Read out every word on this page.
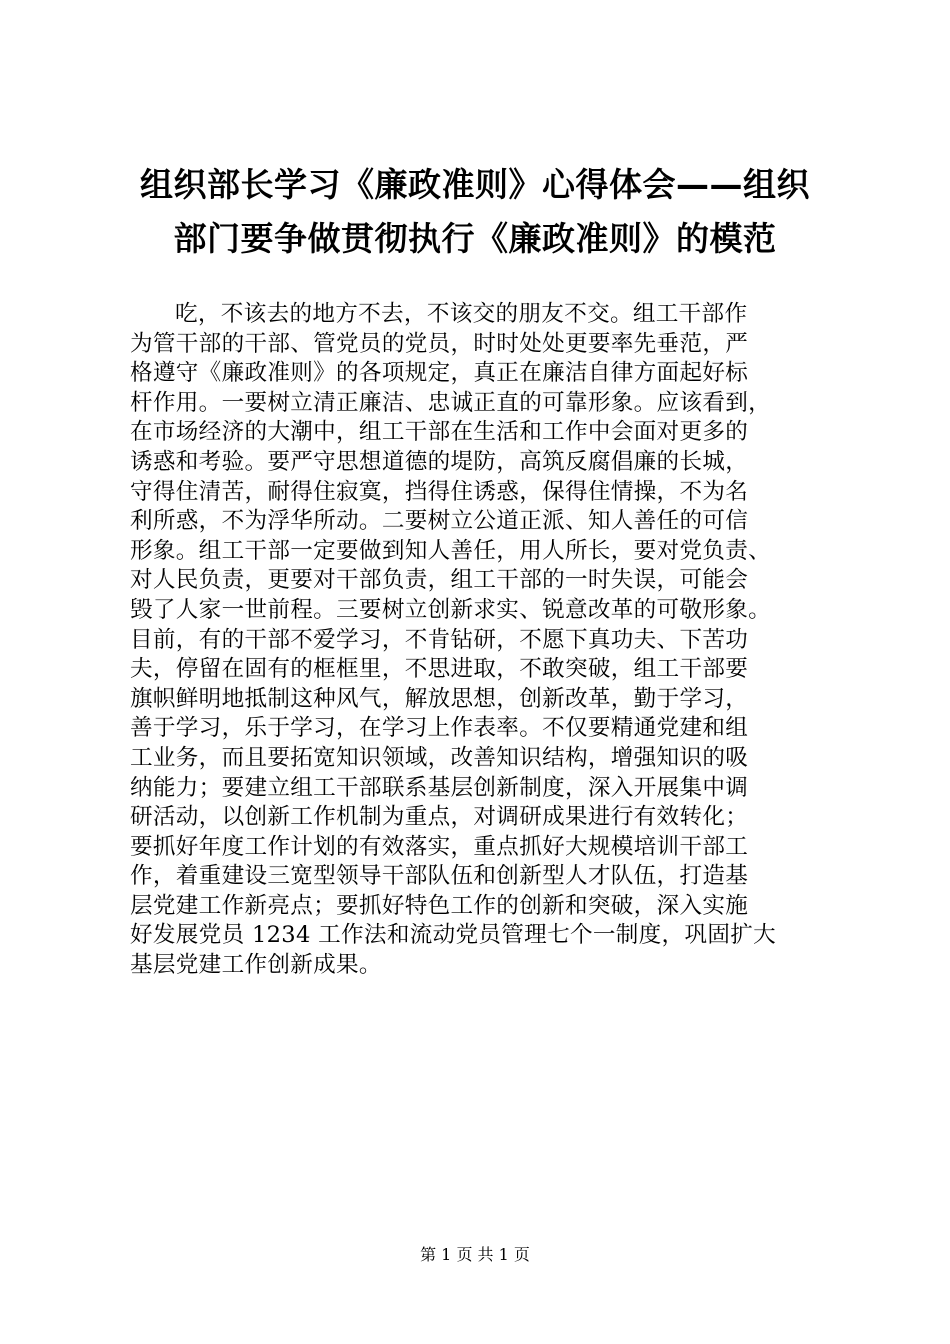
组织部长学习《廉政准则》心得体会——组织
部门要争做贯彻执行《廉政准则》的模范
吃，不该去的地方不去，不该交的朋友不交。组工干部作
为管干部的干部、管党员的党员，时时处处更要率先垂范，严
格遵守《廉政准则》的各项规定，真正在廉洁自律方面起好标
杆作用。一要树立清正廉洁、忠诚正直的可靠形象。应该看到，
在市场经济的大潮中，组工干部在生活和工作中会面对更多的
诱惑和考验。要严守思想道德的堤防，高筑反腐倡廉的长城，
守得住清苦，耐得住寂寞，挡得住诱惑，保得住情操，不为名
利所惑，不为浮华所动。二要树立公道正派、知人善任的可信
形象。组工干部一定要做到知人善任，用人所长，要对党负责、
对人民负责，更要对干部负责，组工干部的一时失误，可能会
毁了人家一世前程。三要树立创新求实、锐意改革的可敬形象。
目前，有的干部不爱学习，不肯钻研，不愿下真功夫、下苦功
夫，停留在固有的框框里，不思进取，不敢突破，组工干部要
旗帜鲜明地抵制这种风气，解放思想，创新改革，勤于学习，
善于学习，乐于学习，在学习上作表率。不仅要精通党建和组
工业务，而且要拓宽知识领域，改善知识结构，增强知识的吸
纳能力；要建立组工干部联系基层创新制度，深入开展集中调
研活动，以创新工作机制为重点，对调研成果进行有效转化；
要抓好年度工作计划的有效落实，重点抓好大规模培训干部工
作，着重建设三宽型领导干部队伍和创新型人才队伍，打造基
层党建工作新亮点；要抓好特色工作的创新和突破，深入实施
好发展党员 1234 工作法和流动党员管理七个一制度，巩固扩大
基层党建工作创新成果。
第 1 页 共 1 页
